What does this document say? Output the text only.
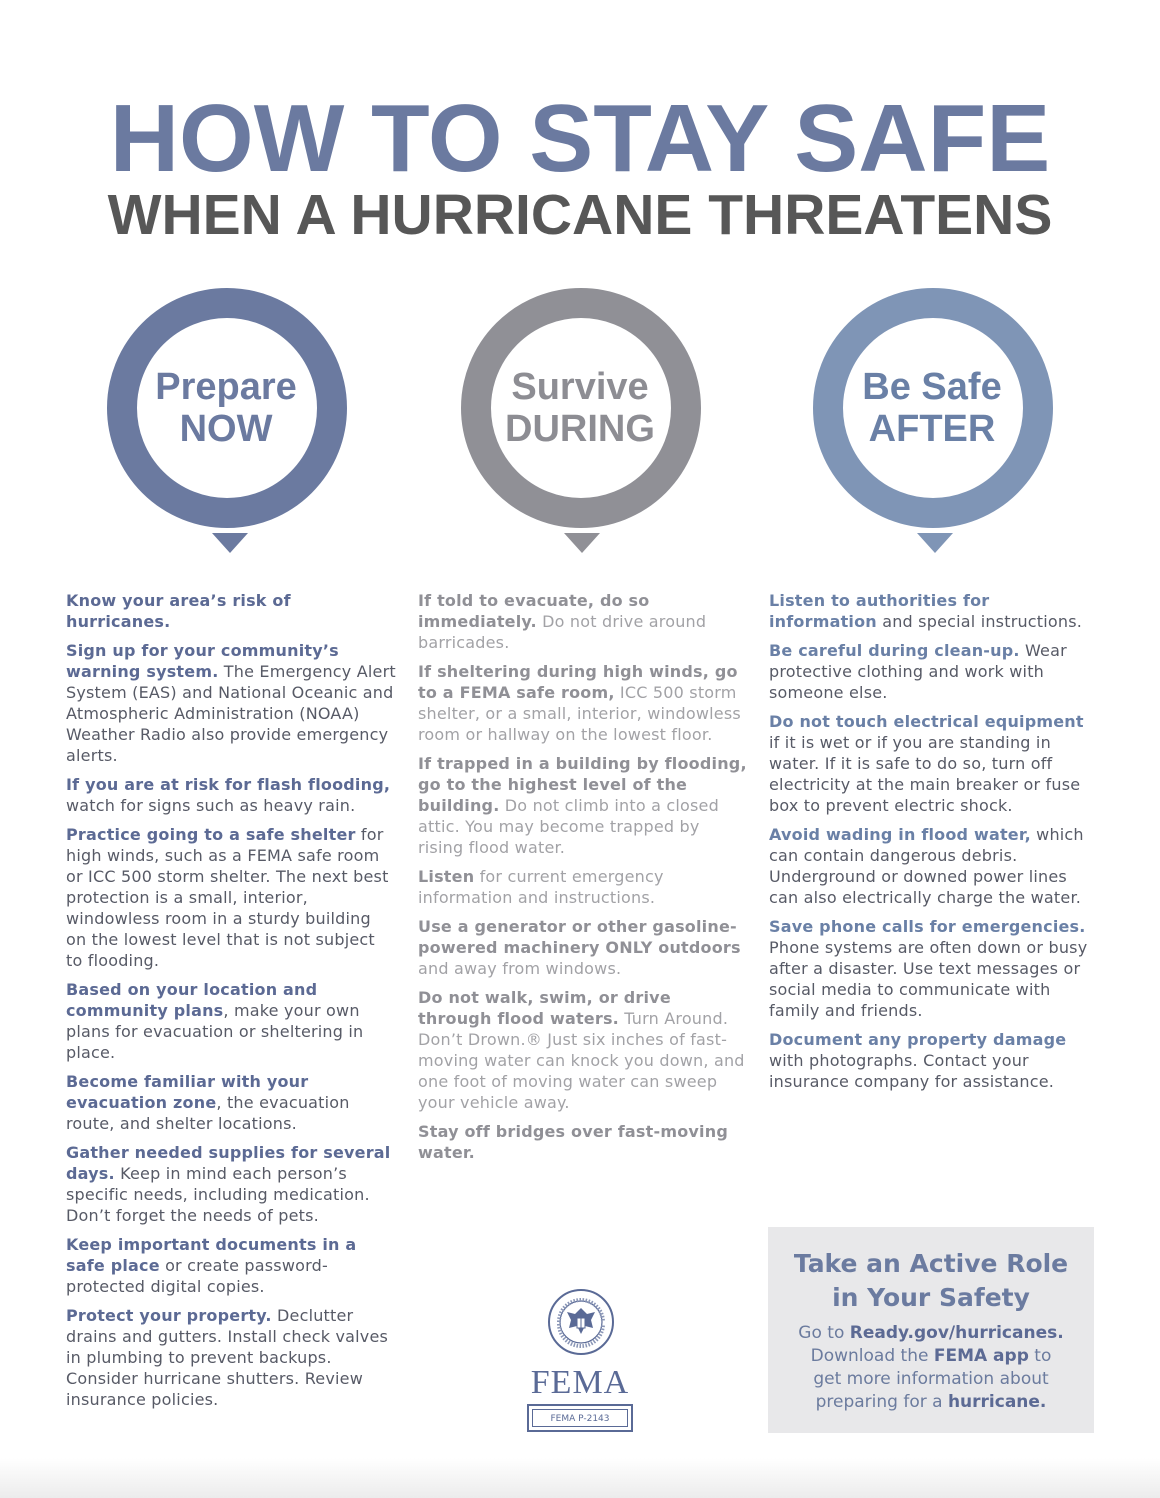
HOW TO STAY SAFE
WHEN A HURRICANE THREATENS
Prepare
NOW
Survive
DURING
Be Safe
AFTER

Know your area’s risk of hurricanes.

Sign up for your community’s warning system. The Emergency Alert System (EAS) and National Oceanic and Atmospheric Administration (NOAA) Weather Radio also provide emergency alerts.

If you are at risk for flash flooding, watch for signs such as heavy rain.

Practice going to a safe shelter for high winds, such as a FEMA safe room or ICC 500 storm shelter. The next best protection is a small, interior, windowless room in a sturdy building on the lowest level that is not subject to flooding.

Based on your location and community plans, make your own plans for evacuation or sheltering in place.

Become familiar with your evacuation zone, the evacuation route, and shelter locations.

Gather needed supplies for several days. Keep in mind each person’s specific needs, including medication. Don’t forget the needs of pets.

Keep important documents in a safe place or create password-protected digital copies.

Protect your property. Declutter drains and gutters. Install check valves in plumbing to prevent backups. Consider hurricane shutters. Review insurance policies.

If told to evacuate, do so immediately. Do not drive around barricades.

If sheltering during high winds, go to a FEMA safe room, ICC 500 storm shelter, or a small, interior, windowless room or hallway on the lowest floor.

If trapped in a building by flooding, go to the highest level of the building. Do not climb into a closed attic. You may become trapped by rising flood water.

Listen for current emergency information and instructions.

Use a generator or other gasoline-powered machinery ONLY outdoors and away from windows.

Do not walk, swim, or drive through flood waters. Turn Around. Don’t Drown.® Just six inches of fast-moving water can knock you down, and one foot of moving water can sweep your vehicle away.

Stay off bridges over fast-moving water.

Listen to authorities for information and special instructions.

Be careful during clean-up. Wear protective clothing and work with someone else.

Do not touch electrical equipment if it is wet or if you are standing in water. If it is safe to do so, turn off electricity at the main breaker or fuse box to prevent electric shock.

Avoid wading in flood water, which can contain dangerous debris. Underground or downed power lines can also electrically charge the water.

Save phone calls for emergencies. Phone systems are often down or busy after a disaster. Use text messages or social media to communicate with family and friends.

Document any property damage with photographs. Contact your insurance company for assistance.

Take an Active Role
in Your Safety
Go to Ready.gov/hurricanes.
Download the FEMA app to
get more information about
preparing for a hurricane.
FEMA
FEMA P-2143
